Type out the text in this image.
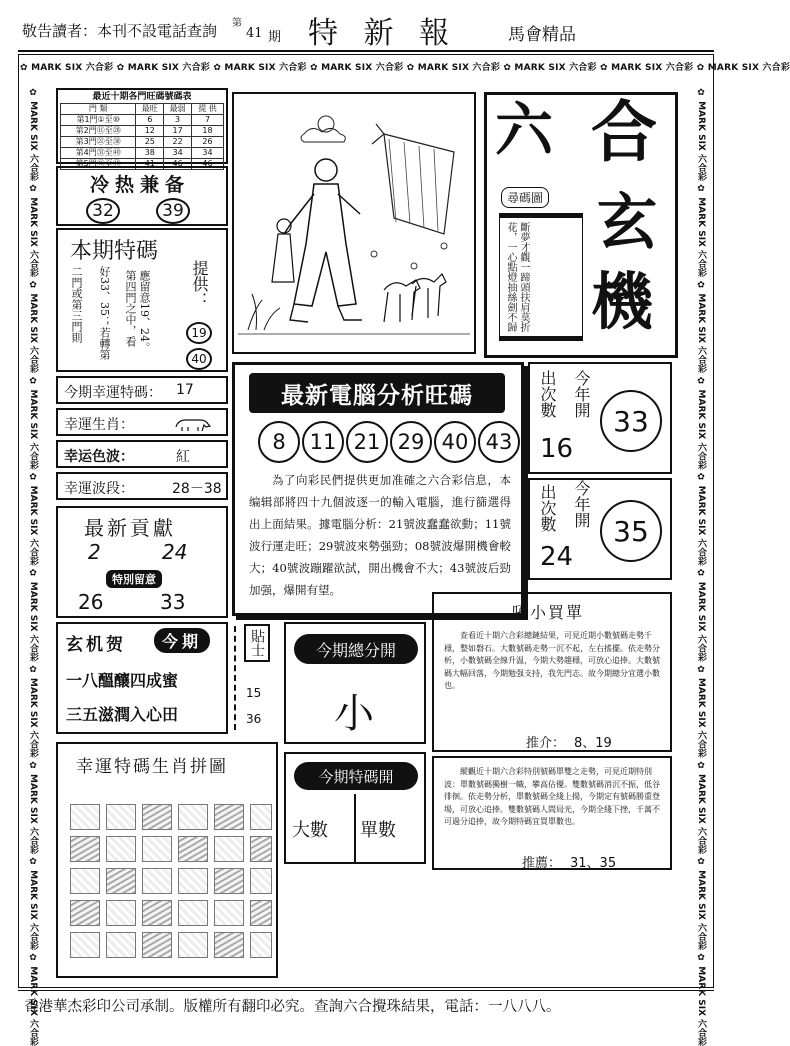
敬告讀者：本刊不設電話查詢 第
41 期 特 新 報	馬會精品
✿ MARK SIX 六合彩 ✿ MARK SIX 六合彩 ✿ MARK SIX 六合彩 ✿ MARK SIX 六合彩 ✿ MARK SIX 六合彩 ✿ MARK SIX 六合彩 ✿ MARK SIX 六合彩 ✿ MARK SIX 六合彩
✿ MARK SIX 六合彩 ✿ MARK SIX 六合彩 ✿ MARK SIX 六合彩 ✿ MARK SIX 六合彩 ✿ MARK SIX 六合彩 ✿ MARK SIX 六合彩 ✿ MARK SIX 六合彩 ✿ MARK SIX 六合彩 ✿ MARK SIX 六合彩 ✿ MARK SIX 六合彩	✿ MARK SIX 六合彩 ✿ MARK SIX 六合彩 ✿ MARK SIX 六合彩 ✿ MARK SIX 六合彩 ✿ MARK SIX 六合彩 ✿ MARK SIX 六合彩 ✿ MARK SIX 六合彩 ✿ MARK SIX 六合彩 ✿ MARK SIX 六合彩 ✿ MARK SIX 六合彩
最近十期各門旺碼號碼表
門 類	最旺	最弱	提 供
第1門①至⑩	6	3	7
第2門⑪至⑳	12	17	18
第3門㉑至㉚	25	22	26
第4門㉛至㊵	38	34	34
第5門㊶至㊾	41	46	46
冷热兼备
32	39
本期特碼
第四門之中，看
好33、35；若轉第
二門或第三門則	應留意19、24。 提供：
19
40
今期幸運特碼： 17
幸運生肖：
幸运色波：	紅
幸運波段：	28－38
最新貢獻
2	24
特別留意
26	33
六 合
玄
機
尋碼圖
斷夢才觀一蹄頭扶肩莫折花，一心點燈抽絲劍不歸
最新電腦分析旺碼
8 11 21 29 40 43
為了向彩民們提供更加准確之六合彩信息，本编辑部將四十九個波逐一的輸入電腦，進行篩選得出上面結果。據電腦分析：21號波蠢蠢欲動；11號波行運走旺；29號波來勢强勁；08號波爆開機會較大；40號波蹦躍欲試，開出機會不大；43號波后勁加强，爆開有望。
出次數 今年開
16
33
出次數 今年開
24
35
玄机贺	今期
一八醞釀四成蜜
三五滋潤入心田
貼士
15
36
今期總分開
小
今期特碼開
大數 單數
吼小買單
查看近十期六合彩總鏈結果，可見近期小數號碼走勢千穩，整如磐石。大數號碼走勢一沉不起，左右搖擺。依走勢分析，小數號碼全線升温，今期大勢趨穩，可放心追捧。大數號碼大幅回落，今期勉强支持，我先門志。故今期總分宜選小數也。
推介： 8、19
縱觀近十期六合彩特別號碼單雙之走勢，可見近期特別波：單數號碼獨樹一幟，攀高佔優。雙數號碼消沉不振，低谷徘徊。依走勢分析，單數號碼全綫上揚，今期定有號碼勝重登場，可放心追捧。雙數號碼人間局光，今期全綫下挫，千萬不可過分追捧，故今期特碼宜買單數也。
推薦： 31、35
幸運特碼生肖拼圖
香港華杰彩印公司承制。版權所有翻印必究。查詢六合攪珠結果，電話：一八八八。
